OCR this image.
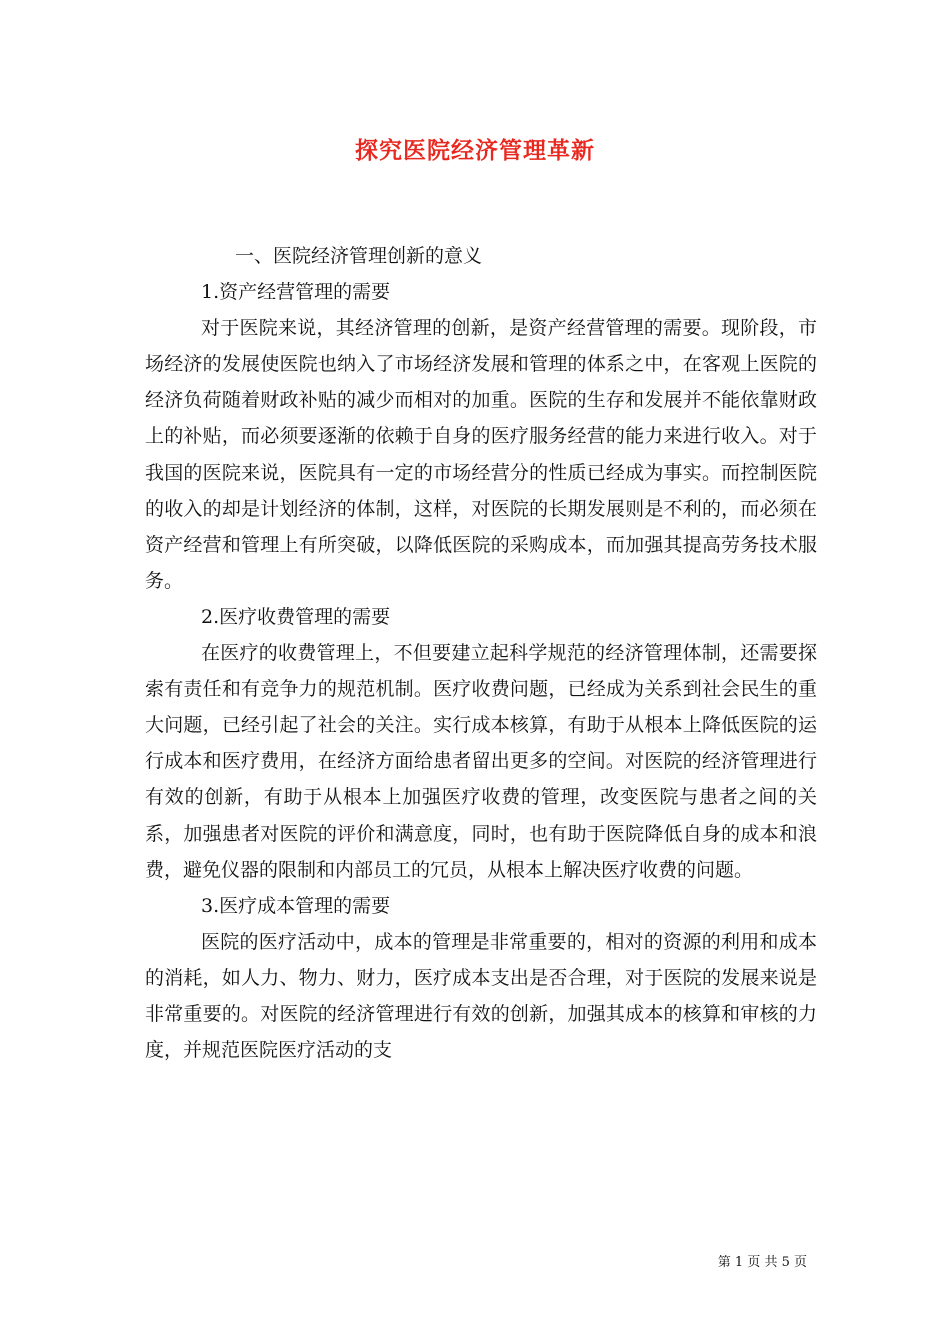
探究医院经济管理革新

一、医院经济管理创新的意义

1.资产经营管理的需要

对于医院来说，其经济管理的创新，是资产经营管理的需要。现阶段，市场经济的发展使医院也纳入了市场经济发展和管理的体系之中，在客观上医院的经济负荷随着财政补贴的减少而相对的加重。医院的生存和发展并不能依靠财政上的补贴，而必须要逐渐的依赖于自身的医疗服务经营的能力来进行收入。对于我国的医院来说，医院具有一定的市场经营分的性质已经成为事实。而控制医院的收入的却是计划经济的体制，这样，对医院的长期发展则是不利的，而必须在资产经营和管理上有所突破，以降低医院的采购成本，而加强其提高劳务技术服务。

2.医疗收费管理的需要

在医疗的收费管理上，不但要建立起科学规范的经济管理体制，还需要探索有责任和有竞争力的规范机制。医疗收费问题，已经成为关系到社会民生的重大问题，已经引起了社会的关注。实行成本核算，有助于从根本上降低医院的运行成本和医疗费用，在经济方面给患者留出更多的空间。对医院的经济管理进行有效的创新，有助于从根本上加强医疗收费的管理，改变医院与患者之间的关系，加强患者对医院的评价和满意度，同时，也有助于医院降低自身的成本和浪费，避免仪器的限制和内部员工的冗员，从根本上解决医疗收费的问题。

3.医疗成本管理的需要

医院的医疗活动中，成本的管理是非常重要的，相对的资源的利用和成本的消耗，如人力、物力、财力，医疗成本支出是否合理，对于医院的发展来说是非常重要的。对医院的经济管理进行有效的创新，加强其成本的核算和审核的力度，并规范医院医疗活动的支

第 1 页 共 5 页
